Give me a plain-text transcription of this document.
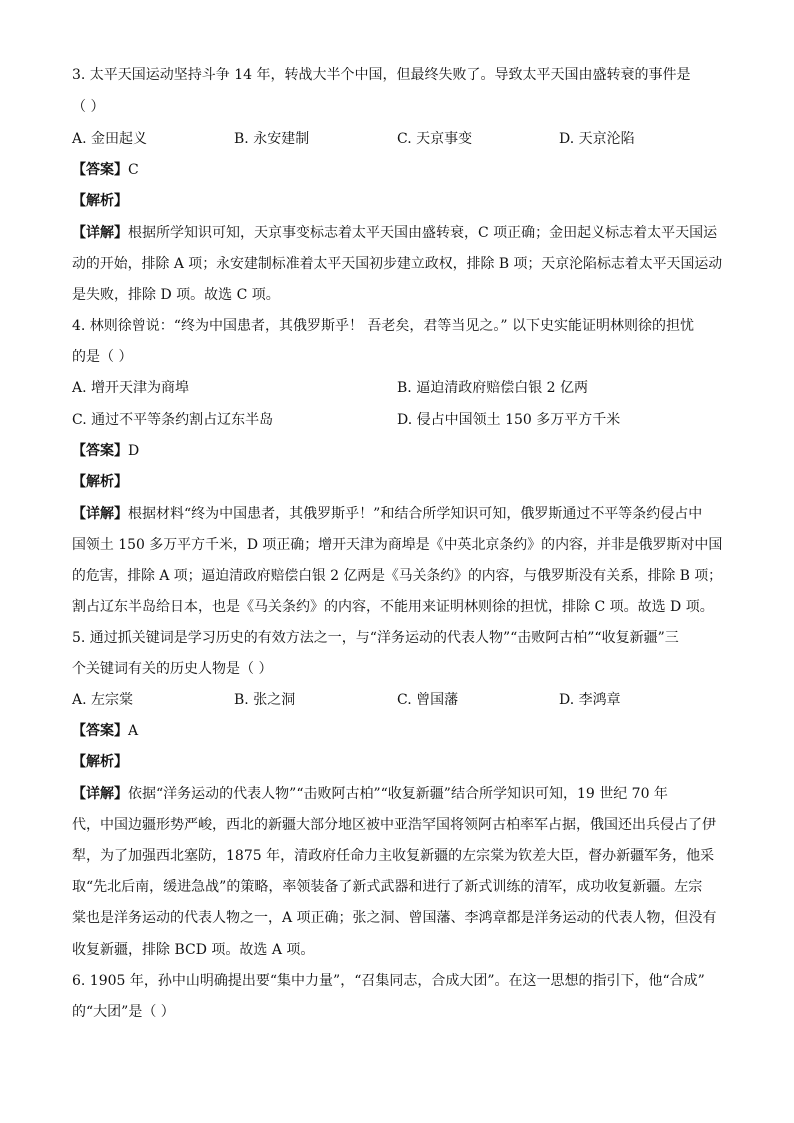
3. 太平天国运动坚持斗争 14 年，转战大半个中国，但最终失败了。导致太平天国由盛转衰的事件是
（ ）
A. 金田起义	B. 永安建制	C. 天京事变	D. 天京沦陷
【答案】C
【解析】
【详解】根据所学知识可知，天京事变标志着太平天国由盛转衰，C 项正确；金田起义标志着太平天国运
动的开始，排除 A 项；永安建制标准着太平天国初步建立政权，排除 B 项；天京沦陷标志着太平天国运动
是失败，排除 D 项。故选 C 项。
4. 林则徐曾说：“终为中国患者，其俄罗斯乎！ 吾老矣，君等当见之。” 以下史实能证明林则徐的担忧
的是（ ）
A. 增开天津为商埠	B. 逼迫清政府赔偿白银 2 亿两
C. 通过不平等条约割占辽东半岛	D. 侵占中国领土 150 多万平方千米
【答案】D
【解析】
【详解】根据材料“终为中国患者，其俄罗斯乎！”和结合所学知识可知，俄罗斯通过不平等条约侵占中
国领土 150 多万平方千米，D 项正确；增开天津为商埠是《中英北京条约》的内容，并非是俄罗斯对中国
的危害，排除 A 项；逼迫清政府赔偿白银 2 亿两是《马关条约》的内容，与俄罗斯没有关系，排除 B 项；
割占辽东半岛给日本，也是《马关条约》的内容，不能用来证明林则徐的担忧，排除 C 项。故选 D 项。
5. 通过抓关键词是学习历史的有效方法之一，与“洋务运动的代表人物”“击败阿古柏”“收复新疆”三
个关键词有关的历史人物是（ ）
A. 左宗棠	B. 张之洞	C. 曾国藩	D. 李鸿章
【答案】A
【解析】
【详解】依据“洋务运动的代表人物”“击败阿古柏”“收复新疆”结合所学知识可知，19 世纪 70 年
代，中国边疆形势严峻，西北的新疆大部分地区被中亚浩罕国将领阿古柏率军占据，俄国还出兵侵占了伊
犁，为了加强西北塞防，1875 年，清政府任命力主收复新疆的左宗棠为钦差大臣，督办新疆军务，他采
取“先北后南，缓进急战”的策略，率领装备了新式武器和进行了新式训练的清军，成功收复新疆。左宗
棠也是洋务运动的代表人物之一，A 项正确；张之洞、曾国藩、李鸿章都是洋务运动的代表人物，但没有
收复新疆，排除 BCD 项。故选 A 项。
6. 1905 年，孙中山明确提出要“集中力量”，“召集同志，合成大团”。在这一思想的指引下，他“合成”
的“大团”是（ ）
